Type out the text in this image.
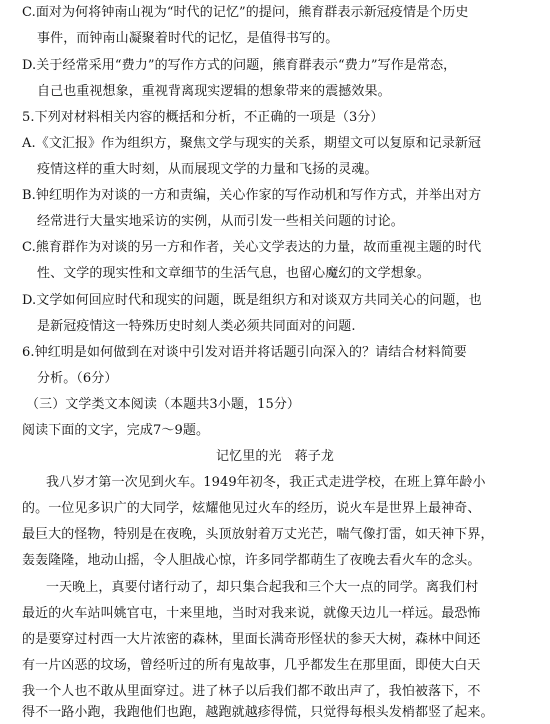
C.面对为何将钟南山视为“时代的记忆”的提问，熊育群表示新冠疫情是个历史
事件，而钟南山凝聚着时代的记忆，是值得书写的。
D.关于经常采用“费力”的写作方式的问题，熊育群表示“费力”写作是常态，
自己也重视想象，重视背离现实逻辑的想象带来的震撼效果。
5.下列对材料相关内容的概括和分析，不正确的一项是（3分）
A.《文汇报》作为组织方，聚焦文学与现实的关系，期望文可以复原和记录新冠
疫情这样的重大时刻，从而展现文学的力量和飞扬的灵魂。
B.钟红明作为对谈的一方和责编，关心作家的写作动机和写作方式，并举出对方
经常进行大量实地采访的实例，从而引发一些相关问题的讨论。
C.熊育群作为对谈的另一方和作者，关心文学表达的力量，故而重视主题的时代
性、文学的现实性和文章细节的生活气息，也留心魔幻的文学想象。
D.文学如何回应时代和现实的问题，既是组织方和对谈双方共同关心的问题，也
是新冠疫情这一特殊历史时刻人类必须共同面对的问题.
6.钟红明是如何做到在对谈中引发对语并将话题引向深入的？请结合材料简要
分析。（6分）
（三）文学类文本阅读（本题共3小题，15分）
阅读下面的文字，完成7～9题。
记忆里的光　蒋子龙
我八岁才第一次见到火车。1949年初冬，我正式走进学校，在班上算年龄小
的。一位见多识广的大同学，炫耀他见过火车的经历，说火车是世界上最神奇、
最巨大的怪物，特别是在夜晚，头顶放射着万丈光芒，喘气像打雷，如天神下界，
轰轰隆隆，地动山摇，令人胆战心惊，许多同学都萌生了夜晚去看火车的念头。
一天晚上，真要付诸行动了，却只集合起我和三个大一点的同学。离我们村
最近的火车站叫姚官屯，十来里地，当时对我来说，就像天边儿一样远。最恐怖
的是要穿过村西一大片浓密的森林，里面长满奇形怪状的参天大树，森林中间还
有一片凶恶的坟场，曾经听过的所有鬼故事，几乎都发生在那里面，即使大白天
我一个人也不敢从里面穿过。进了林子以后我们都不敢出声了，我怕被落下，不
得不一路小跑，我跑他们也跑，越跑就越疹得慌，只觉得每根头发梢都竖了起来。
